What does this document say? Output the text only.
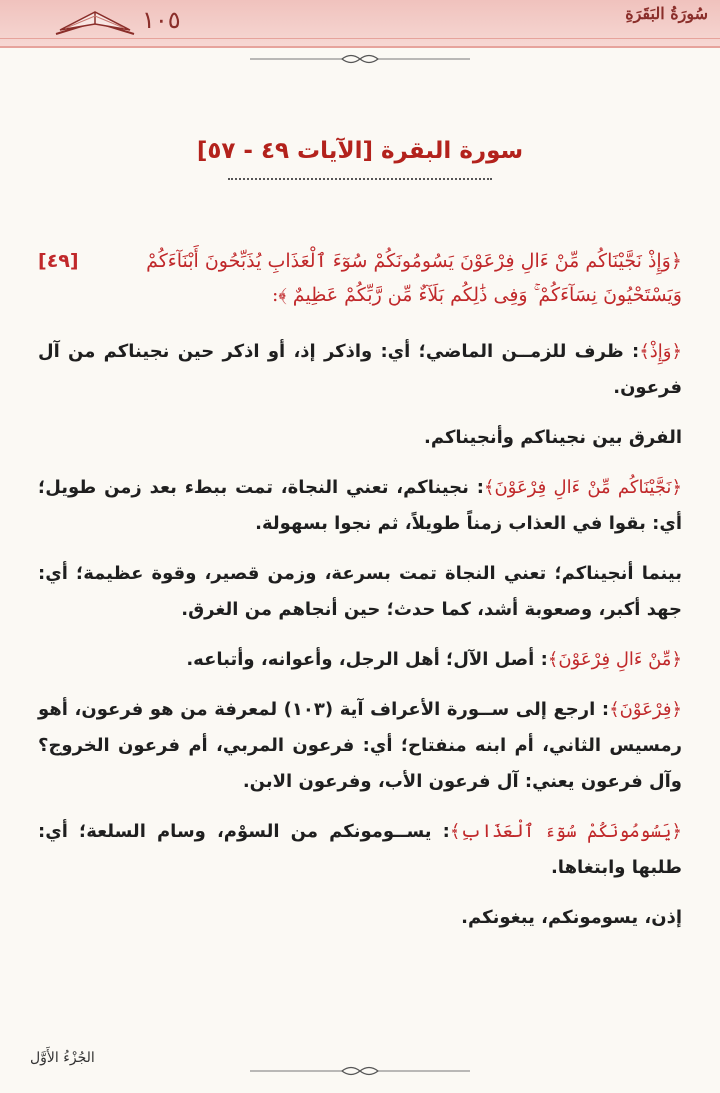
١٠٥	سُورَةُ البَقَرَةِ
سورة البقرة [الآيات ٤٩ - ٥٧]
[٤٩]	﴿وَإِذْ نَجَّيْنَاكُم مِّنْ ءَالِ فِرْعَوْنَ يَسُومُونَكُمْ سُوٓءَ ٱلْعَذَابِ يُذَبِّحُونَ أَبْنَآءَكُمْ
وَيَسْتَحْيُونَ نِسَآءَكُمْ ۚ وَفِى ذَٰلِكُم بَلَآءٌ مِّن رَّبِّكُمْ عَظِيمٌ ﴾:

﴿وَإِذْ﴾: ظرف للزمــن الماضي؛ أي: واذكر إذ، أو اذكر حين نجيناكم من آل فرعون.

الفرق بين نجيناكم وأنجيناكم.

﴿نَجَّيْنَاكُم مِّنْ ءَالِ فِرْعَوْنَ﴾: نجيناكم، تعني النجاة، تمت ببطء بعد زمن طويل؛ أي: بقوا في العذاب زمناً طويلاً، ثم نجوا بسهولة.

بينما أنجيناكم؛ تعني النجاة تمت بسرعة، وزمن قصير، وقوة عظيمة؛ أي: جهد أكبر، وصعوبة أشد، كما حدث؛ حين أنجاهم من الغرق.

﴿مِّنْ ءَالِ فِرْعَوْنَ﴾: أصل الآل؛ أهل الرجل، وأعوانه، وأتباعه.

﴿فِرْعَوْنَ﴾: ارجع إلى ســورة الأعراف آية (١٠٣) لمعرفة من هو فرعون، أهو رمسيس الثاني، أم ابنه منفتاح؛ أي: فرعون المربي، أم فرعون الخروج؟ وآل فرعون يعني: آل فرعون الأب، وفرعون الابن.

﴿يَسُومُونَكُمْ سُوٓءَ ٱلْعَذَابِ﴾: يســومونكم من السوْم، وسام السلعة؛ أي: طلبها وابتغاها.

إذن، يسومونكم، يبغونكم.

الجُزْءُ الأَوَّل
